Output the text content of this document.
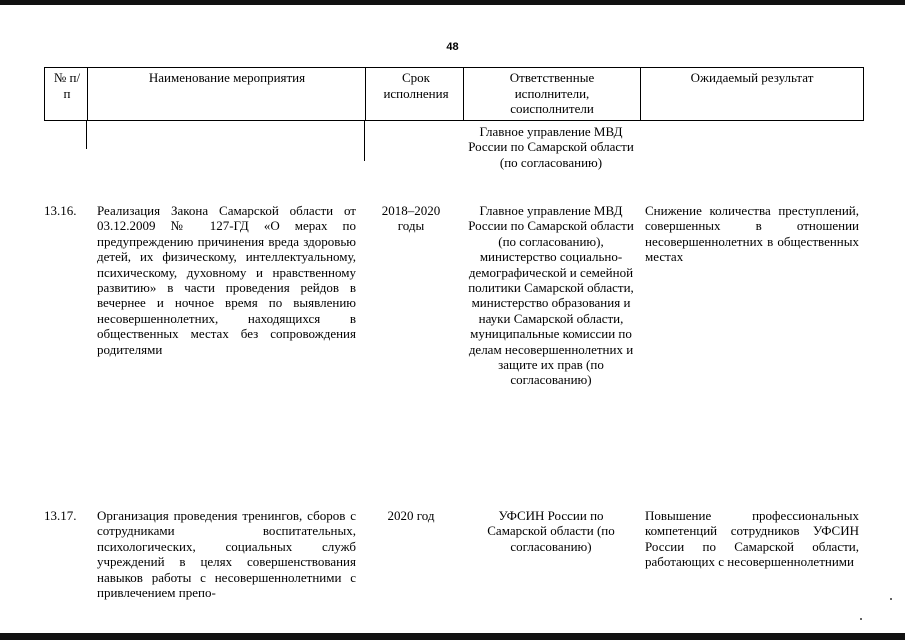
48
№ п/п
Наименование мероприятия	Срок исполнения
Ответственные исполнители, соисполнители
Ожидаемый результат
Главное управление МВД России по Самарской области (по согласованию)
13.16. Реализация Закона Самарской области от 03.12.2009 № 127-ГД «О мерах по предупреждению причинения вреда здоровью детей, их физическому, интеллектуальному, психическому, духовному и нравственному развитию» в части проведения рейдов в вечернее и ночное время по выявлению несовершеннолетних, находящихся в общественных местах без сопровождения родителями
2018–2020 годы
Главное управление МВД России по Самарской области (по согласованию), министерство социально-демографической и семейной политики Самарской области, министерство образования и науки Самарской области, муниципальные комиссии по делам несовершеннолетних и защите их прав (по согласованию)
Снижение количества преступлений, совершенных в отношении несовершеннолетних в общественных местах
13.17. Организация проведения тренингов, сборов с сотрудниками воспитательных, психологических, социальных служб учреждений в целях совершенствования навыков работы с несовершеннолетними с привлечением препо-
2020 год	УФСИН России по Самарской области (по согласованию)
Повышение профессиональных компетенций сотрудников УФСИН России по Самарской области, работающих с несовершеннолетними
